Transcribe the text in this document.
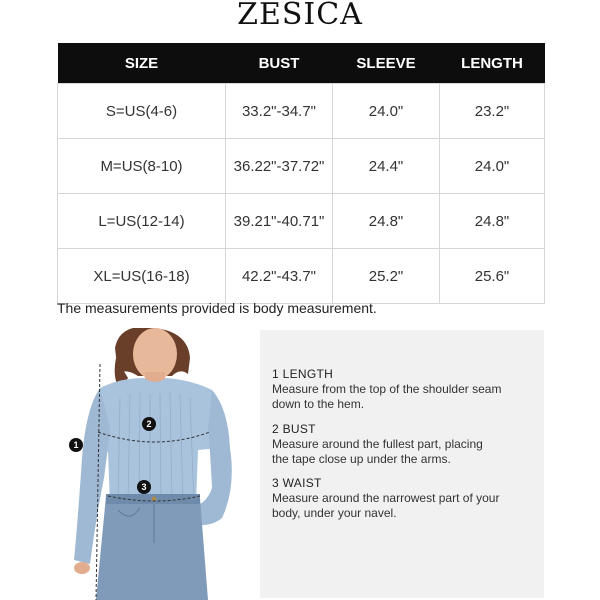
ZESICA
SIZE	BUST	SLEEVE	LENGTH
S=US(4-6)	33.2"-34.7"	24.0"	23.2"
M=US(8-10)	36.22"-37.72"	24.4"	24.0"
L=US(12-14)	39.21"-40.71"	24.8"	24.8"
XL=US(16-18)	42.2"-43.7"	25.2"	25.6"
The measurements provided is body measurement.
1
2
3
1 LENGTH
Measure from the top of the shoulder seam down to the hem.
2 BUST
Measure around the fullest part, placing the tape close up under the arms.
3 WAIST
Measure around the narrowest part of your body, under your navel.
